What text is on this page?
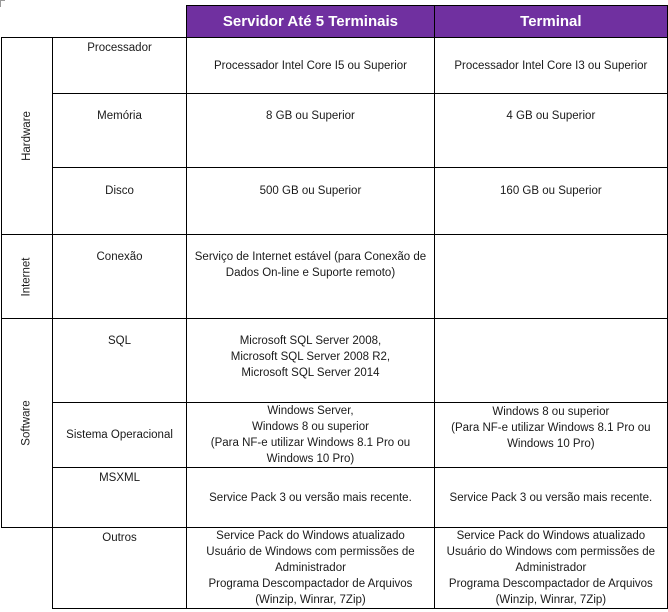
		Servidor Até 5 Terminais	Terminal
Hardware	Processador	Processador Intel Core I5 ou Superior	Processador Intel Core I3 ou Superior
	Memória	8 GB ou Superior	4 GB ou Superior
	Disco	500 GB ou Superior	160 GB ou Superior
Internet	Conexão	Serviço de Internet estável (para Conexão de
Dados On-line e Suporte remoto)	

Software	SQL	Microsoft SQL Server 2008,
Microsoft SQL Server 2008 R2,
Microsoft SQL Server 2014	

	Sistema Operacional	Windows Server,
Windows 8 ou superior
(Para NF-e utilizar Windows 8.1 Pro ou
Windows 10 Pro)	Windows 8 ou superior
(Para NF-e utilizar Windows 8.1 Pro ou
Windows 10 Pro)

	MSXML	Service Pack 3 ou versão mais recente.	Service Pack 3 ou versão mais recente.
	Outros	Service Pack do Windows atualizado
Usuário de Windows com permissões de
Administrador
Programa Descompactador de Arquivos
(Winzip, Winrar, 7Zip)	Service Pack do Windows atualizado
Usuário do Windows com permissões de
Administrador
Programa Descompactador de Arquivos
(Winzip, Winrar, 7Zip)
